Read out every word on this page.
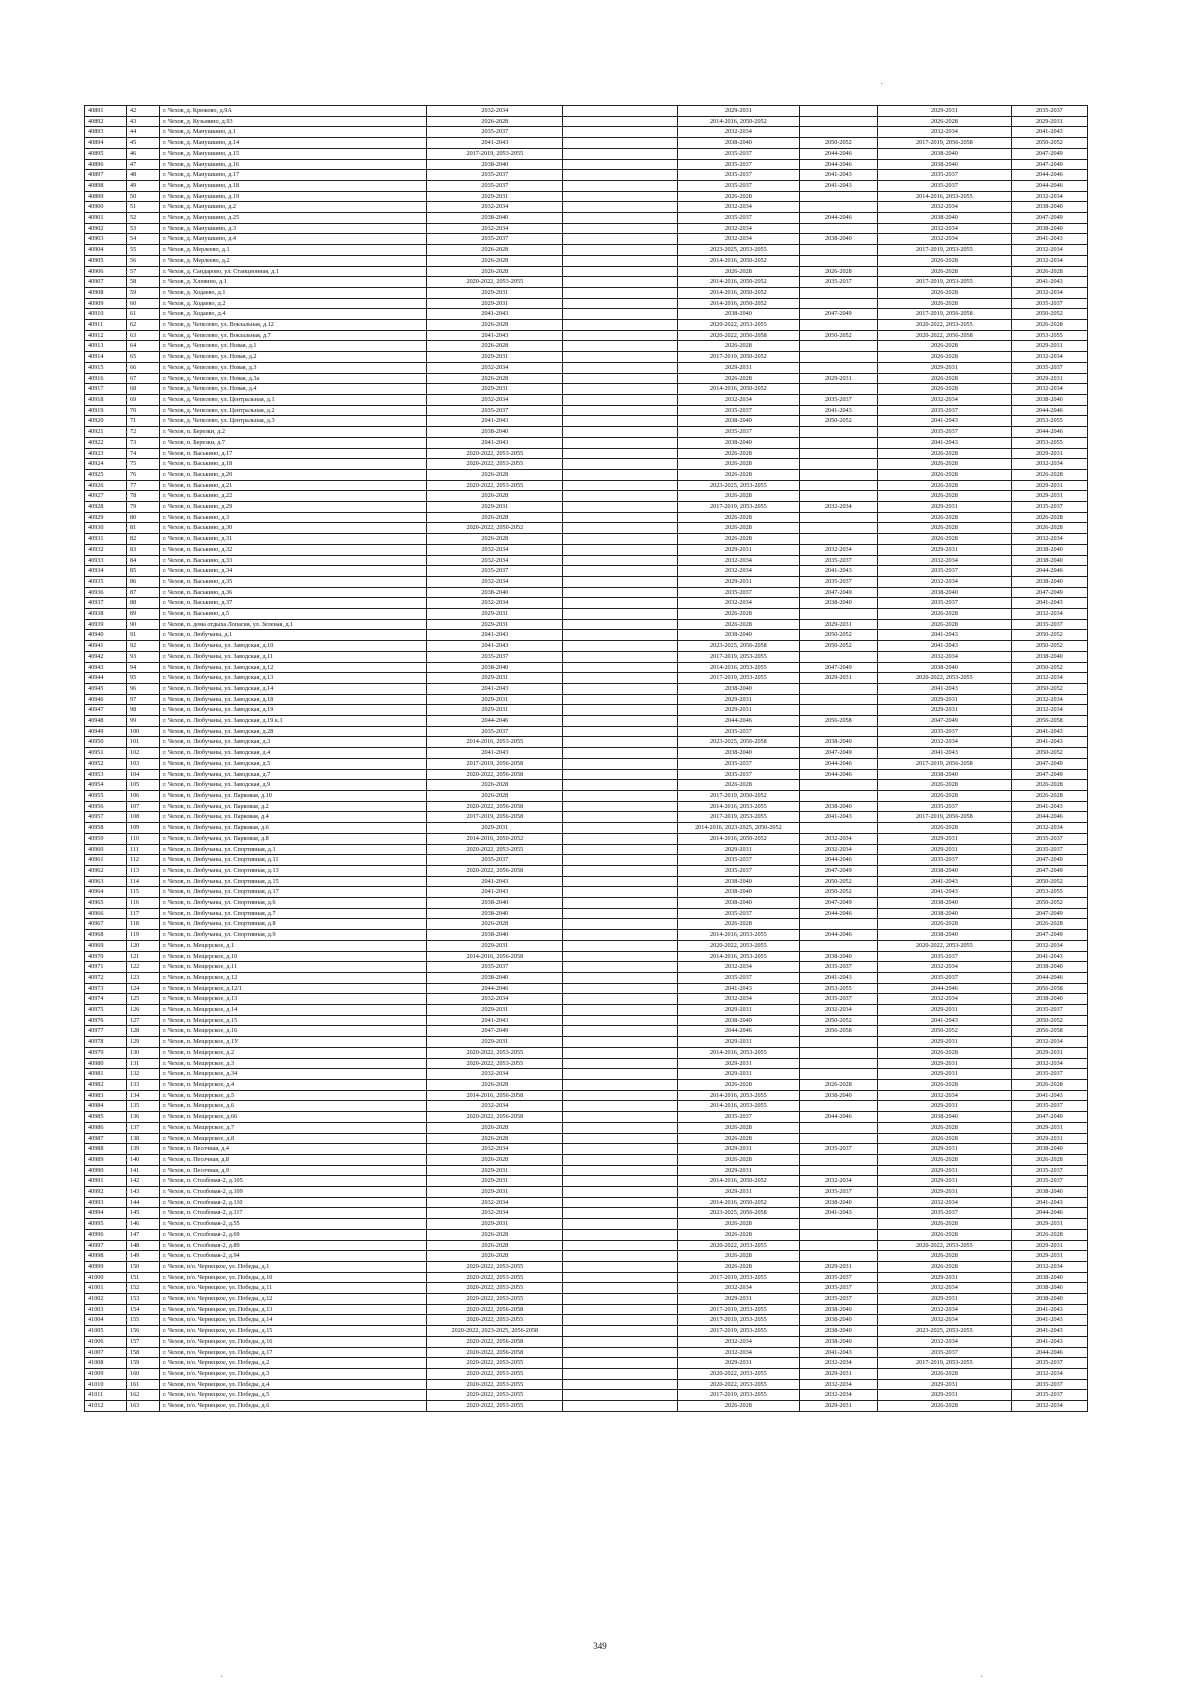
40891	42	г. Чехов, д. Крюково, д.9А	2032-2034		2029-2031		2029-2031	2035-2037
40892	43	г. Чехов, д. Кузьмино, д.93	2026-2028		2014-2016, 2050-2052		2026-2028	2029-2031
40893	44	г. Чехов, д. Манушкино, д.1	2035-2037		2032-2034		2032-2034	2041-2043
40894	45	г. Чехов, д. Манушкино, д.14	2041-2043		2038-2040	2050-2052	2017-2019, 2056-2058	2050-2052
40895	46	г. Чехов, д. Манушкино, д.15	2017-2019, 2053-2055		2035-2037	2044-2046	2038-2040	2047-2049
40896	47	г. Чехов, д. Манушкино, д.16	2038-2040		2035-2037	2044-2046	2038-2040	2047-2049
40897	48	г. Чехов, д. Манушкино, д.17	2035-2037		2035-2037	2041-2043	2035-2037	2044-2046
40898	49	г. Чехов, д. Манушкино, д.18	2035-2037		2035-2037	2041-2043	2035-2037	2044-2046
40899	50	г. Чехов, д. Манушкино, д.19	2029-2031		2026-2028		2014-2016, 2053-2055	2032-2034
40900	51	г. Чехов, д. Манушкино, д.2	2032-2034		2032-2034		2032-2034	2038-2040
40901	52	г. Чехов, д. Манушкино, д.25	2038-2040		2035-2037	2044-2046	2038-2040	2047-2049
40902	53	г. Чехов, д. Манушкино, д.3	2032-2034		2032-2034		2032-2034	2038-2040
40903	54	г. Чехов, д. Манушкино, д.4	2035-2037		2032-2034	2038-2040	2032-2034	2041-2043
40904	55	г. Чехов, д. Мерлеево, д.1	2026-2028		2023-2025, 2053-2055		2017-2019, 2053-2055	2032-2034
40905	56	г. Чехов, д. Мерлеево, д.2	2026-2028		2014-2016, 2050-2052		2026-2028	2032-2034
40906	57	г. Чехов, д. Сандарово, ул. Станционная, д.1	2026-2028		2026-2028	2026-2028	2026-2028	2026-2028
40907	58	г. Чехов, д. Хлевино, д.1	2020-2022, 2053-2055		2014-2016, 2050-2052	2035-2037	2017-2019, 2053-2055	2041-2043
40908	59	г. Чехов, д. Ходаево, д.1	2029-2031		2014-2016, 2050-2052		2026-2028	2032-2034
40909	60	г. Чехов, д. Ходаево, д.2	2029-2031		2014-2016, 2050-2052		2026-2028	2035-2037
40910	61	г. Чехов, д. Ходаево, д.4	2041-2043		2038-2040	2047-2049	2017-2019, 2056-2058	2050-2052
40911	62	г. Чехов, д. Чепелево, ул. Вокзальная, д.12	2026-2028		2020-2022, 2053-2055		2020-2022, 2053-2055	2026-2028
40912	63	г. Чехов, д. Чепелево, ул. Вокзальная, д.7	2041-2043		2020-2022, 2056-2058	2050-2052	2020-2022, 2056-2058	2053-2055
40913	64	г. Чехов, д. Чепелево, ул. Новая, д.1	2026-2028		2026-2028		2026-2028	2029-2031
40914	65	г. Чехов, д. Чепелево, ул. Новая, д.2	2029-2031		2017-2019, 2050-2052		2026-2028	2032-2034
40915	66	г. Чехов, д. Чепелево, ул. Новая, д.3	2032-2034		2029-2031		2029-2031	2035-2037
40916	67	г. Чехов, д. Чепелево, ул. Новая, д.3а	2026-2028		2026-2028	2029-2031	2026-2028	2029-2031
40917	68	г. Чехов, д. Чепелево, ул. Новая, д.4	2029-2031		2014-2016, 2050-2052		2026-2028	2032-2034
40918	69	г. Чехов, д. Чепелево, ул. Центральная, д.1	2032-2034		2032-2034	2035-2037	2032-2034	2038-2040
40919	70	г. Чехов, д. Чепелево, ул. Центральная, д.2	2035-2037		2035-2037	2041-2043	2035-2037	2044-2046
40920	71	г. Чехов, д. Чепелево, ул. Центральная, д.3	2041-2043		2038-2040	2050-2052	2041-2043	2053-2055
40921	72	г. Чехов, п. Березки, д.2	2038-2040		2035-2037		2035-2037	2044-2046
40922	73	г. Чехов, п. Березки, д.7	2041-2043		2038-2040		2041-2043	2053-2055
40923	74	г. Чехов, п. Васькино, д.17	2020-2022, 2053-2055		2026-2028		2026-2028	2029-2031
40924	75	г. Чехов, п. Васькино, д.18	2020-2022, 2053-2055		2026-2028		2026-2028	2032-2034
40925	76	г. Чехов, п. Васькино, д.20	2026-2028		2026-2028		2026-2028	2026-2028
40926	77	г. Чехов, п. Васькино, д.21	2020-2022, 2053-2055		2023-2025, 2053-2055		2026-2028	2029-2031
40927	78	г. Чехов, п. Васькино, д.22	2026-2028		2026-2028		2026-2028	2029-2031
40928	79	г. Чехов, п. Васькино, д.29	2029-2031		2017-2019, 2053-2055	2032-2034	2029-2031	2035-2037
40929	80	г. Чехов, п. Васькино, д.3	2026-2028		2026-2028		2026-2028	2026-2028
40930	81	г. Чехов, п. Васькино, д.30	2020-2022, 2050-2052		2026-2028		2026-2028	2026-2028
40931	82	г. Чехов, п. Васькино, д.31	2026-2028		2026-2028		2026-2028	2032-2034
40932	83	г. Чехов, п. Васькино, д.32	2032-2034		2029-2031	2032-2034	2029-2031	2038-2040
40933	84	г. Чехов, п. Васькино, д.33	2032-2034		2032-2034	2035-2037	2032-2034	2038-2040
40934	85	г. Чехов, п. Васькино, д.34	2035-2037		2032-2034	2041-2043	2035-2037	2044-2046
40935	86	г. Чехов, п. Васькино, д.35	2032-2034		2029-2031	2035-2037	2032-2034	2038-2040
40936	87	г. Чехов, п. Васькино, д.36	2038-2040		2035-2037	2047-2049	2038-2040	2047-2049
40937	88	г. Чехов, п. Васькино, д.37	2032-2034		2032-2034	2038-2040	2035-2037	2041-2043
40938	89	г. Чехов, п. Васькино, д.5	2029-2031		2026-2028		2026-2028	2032-2034
40939	90	г. Чехов, п. дома отдыха Лопасня, ул. Зеленая, д.1	2029-2031		2026-2028	2029-2031	2026-2028	2035-2037
40940	91	г. Чехов, п. Любучаны, д.1	2041-2043		2038-2040	2050-2052	2041-2043	2050-2052
40941	92	г. Чехов, п. Любучаны, ул. Заводская, д.10	2041-2043		2023-2025, 2056-2058	2050-2052	2041-2043	2050-2052
40942	93	г. Чехов, п. Любучаны, ул. Заводская, д.11	2035-2037		2017-2019, 2053-2055		2032-2034	2038-2040
40943	94	г. Чехов, п. Любучаны, ул. Заводская, д.12	2038-2040		2014-2016, 2053-2055	2047-2049	2038-2040	2050-2052
40944	95	г. Чехов, п. Любучаны, ул. Заводская, д.13	2029-2031		2017-2019, 2053-2055	2029-2031	2020-2022, 2053-2055	2032-2034
40945	96	г. Чехов, п. Любучаны, ул. Заводская, д.14	2041-2043		2038-2040		2041-2043	2050-2052
40946	97	г. Чехов, п. Любучаны, ул. Заводская, д.18	2029-2031		2029-2031		2029-2031	2032-2034
40947	98	г. Чехов, п. Любучаны, ул. Заводская, д.19	2029-2031		2029-2031		2029-2031	2032-2034
40948	99	г. Чехов, п. Любучаны, ул. Заводская, д.19 к.1	2044-2046		2044-2046	2056-2058	2047-2049	2056-2058
40949	100	г. Чехов, п. Любучаны, ул. Заводская, д.28	2035-2037		2035-2037		2035-2037	2041-2043
40950	101	г. Чехов, п. Любучаны, ул. Заводская, д.3	2014-2016, 2053-2055		2023-2025, 2056-2058	2038-2040	2032-2034	2041-2043
40951	102	г. Чехов, п. Любучаны, ул. Заводская, д.4	2041-2043		2038-2040	2047-2049	2041-2043	2050-2052
40952	103	г. Чехов, п. Любучаны, ул. Заводская, д.5	2017-2019, 2056-2058		2035-2037	2044-2046	2017-2019, 2056-2058	2047-2049
40953	104	г. Чехов, п. Любучаны, ул. Заводская, д.7	2020-2022, 2056-2058		2035-2037	2044-2046	2038-2040	2047-2049
40954	105	г. Чехов, п. Любучаны, ул. Заводская, д.9	2026-2028		2026-2028		2026-2028	2026-2028
40955	106	г. Чехов, п. Любучаны, ул. Парковая, д.10	2026-2028		2017-2019, 2050-2052		2026-2028	2026-2028
40956	107	г. Чехов, п. Любучаны, ул. Парковая, д.2	2020-2022, 2056-2058		2014-2016, 2053-2055	2038-2040	2035-2037	2041-2043
40957	108	г. Чехов, п. Любучаны, ул. Парковая, д.4	2017-2019, 2056-2058		2017-2019, 2053-2055	2041-2043	2017-2019, 2056-2058	2044-2046
40958	109	г. Чехов, п. Любучаны, ул. Парковая, д.6	2029-2031		2014-2016, 2023-2025, 2050-2052		2026-2028	2032-2034
40959	110	г. Чехов, п. Любучаны, ул. Парковая, д.8	2014-2016, 2050-2052		2014-2016, 2050-2052	2032-2034	2029-2031	2035-2037
40960	111	г. Чехов, п. Любучаны, ул. Спортивная, д.1	2020-2022, 2053-2055		2029-2031	2032-2034	2029-2031	2035-2037
40961	112	г. Чехов, п. Любучаны, ул. Спортивная, д.11	2035-2037		2035-2037	2044-2046	2035-2037	2047-2049
40962	113	г. Чехов, п. Любучаны, ул. Спортивная, д.13	2020-2022, 2056-2058		2035-2037	2047-2049	2038-2040	2047-2049
40963	114	г. Чехов, п. Любучаны, ул. Спортивная, д.15	2041-2043		2038-2040	2050-2052	2041-2043	2050-2052
40964	115	г. Чехов, п. Любучаны, ул. Спортивная, д.17	2041-2043		2038-2040	2050-2052	2041-2043	2053-2055
40965	116	г. Чехов, п. Любучаны, ул. Спортивная, д.6	2038-2040		2038-2040	2047-2049	2038-2040	2050-2052
40966	117	г. Чехов, п. Любучаны, ул. Спортивная, д.7	2038-2040		2035-2037	2044-2046	2038-2040	2047-2049
40967	118	г. Чехов, п. Любучаны, ул. Спортивная, д.8	2026-2028		2026-2028		2026-2028	2026-2028
40968	119	г. Чехов, п. Любучаны, ул. Спортивная, д.9	2038-2040		2014-2016, 2053-2055	2044-2046	2038-2040	2047-2049
40969	120	г. Чехов, п. Мещерское, д.1	2029-2031		2020-2022, 2053-2055		2020-2022, 2053-2055	2032-2034
40970	121	г. Чехов, п. Мещерское, д.10	2014-2016, 2056-2058		2014-2016, 2053-2055	2038-2040	2035-2037	2041-2043
40971	122	г. Чехов, п. Мещерское, д.11	2035-2037		2032-2034	2035-2037	2032-2034	2038-2040
40972	123	г. Чехов, п. Мещерское, д.12	2038-2040		2035-2037	2041-2043	2035-2037	2044-2046
40973	124	г. Чехов, п. Мещерское, д.12/1	2044-2046		2041-2043	2053-2055	2044-2046	2056-2058
40974	125	г. Чехов, п. Мещерское, д.13	2032-2034		2032-2034	2035-2037	2032-2034	2038-2040
40975	126	г. Чехов, п. Мещерское, д.14	2029-2031		2029-2031	2032-2034	2029-2031	2035-2037
40976	127	г. Чехов, п. Мещерское, д.15	2041-2043		2038-2040	2050-2052	2041-2043	2050-2052
40977	128	г. Чехов, п. Мещерское, д.16	2047-2049		2044-2046	2056-2058	2050-2052	2056-2058
40978	129	г. Чехов, п. Мещерское, д.1У	2029-2031		2029-2031		2029-2031	2032-2034
40979	130	г. Чехов, п. Мещерское, д.2	2020-2022, 2053-2055		2014-2016, 2053-2055		2026-2028	2029-2031
40980	131	г. Чехов, п. Мещерское, д.3	2020-2022, 2053-2055		2029-2031		2029-2031	2032-2034
40981	132	г. Чехов, п. Мещерское, д.34	2032-2034		2029-2031		2029-2031	2035-2037
40982	133	г. Чехов, п. Мещерское, д.4	2026-2028		2026-2028	2026-2028	2026-2028	2026-2028
40983	134	г. Чехов, п. Мещерское, д.5	2014-2016, 2056-2058		2014-2016, 2053-2055	2038-2040	2032-2034	2041-2043
40984	135	г. Чехов, п. Мещерское, д.6	2032-2034		2014-2016, 2053-2055		2029-2031	2035-2037
40985	136	г. Чехов, п. Мещерское, д.66	2020-2022, 2056-2058		2035-2037	2044-2046	2038-2040	2047-2049
40986	137	г. Чехов, п. Мещерское, д.7	2026-2028		2026-2028		2026-2028	2029-2031
40987	138	г. Чехов, п. Мещерское, д.8	2026-2028		2026-2028		2026-2028	2029-2031
40988	139	г. Чехов, п. Песочная, д.4	2032-2034		2029-2031	2035-2037	2029-2031	2038-2040
40989	140	г. Чехов, п. Песочная, д.8	2026-2028		2026-2028		2026-2028	2026-2028
40990	141	г. Чехов, п. Песочная, д.9	2029-2031		2029-2031		2029-2031	2035-2037
40991	142	г. Чехов, п. Столбовая-2, д.105	2029-2031		2014-2016, 2050-2052	2032-2034	2029-2031	2035-2037
40992	143	г. Чехов, п. Столбовая-2, д.109	2029-2031		2029-2031	2035-2037	2029-2031	2038-2040
40993	144	г. Чехов, п. Столбовая-2, д.110	2032-2034		2014-2016, 2050-2052	2038-2040	2032-2034	2041-2043
40994	145	г. Чехов, п. Столбовая-2, д.117	2032-2034		2023-2025, 2056-2058	2041-2043	2035-2037	2044-2046
40995	146	г. Чехов, п. Столбовая-2, д.55	2029-2031		2026-2028		2026-2028	2029-2031
40996	147	г. Чехов, п. Столбовая-2, д.69	2026-2028		2026-2028		2026-2028	2026-2028
40997	148	г. Чехов, п. Столбовая-2, д.89	2026-2028		2020-2022, 2053-2055		2020-2022, 2053-2055	2029-2031
40998	149	г. Чехов, п. Столбовая-2, д.94	2026-2028		2026-2028		2026-2028	2029-2031
40999	150	г. Чехов, п/о. Чернецкое, ул. Победы, д.1	2020-2022, 2053-2055		2026-2028	2029-2031	2026-2028	2032-2034
41000	151	г. Чехов, п/о. Чернецкое, ул. Победы, д.10	2020-2022, 2053-2055		2017-2019, 2053-2055	2035-2037	2029-2031	2038-2040
41001	152	г. Чехов, п/о. Чернецкое, ул. Победы, д.11	2020-2022, 2053-2055		2032-2034	2035-2037	2032-2034	2038-2040
41002	153	г. Чехов, п/о. Чернецкое, ул. Победы, д.12	2020-2022, 2053-2055		2029-2031	2035-2037	2029-2031	2038-2040
41003	154	г. Чехов, п/о. Чернецкое, ул. Победы, д.13	2020-2022, 2056-2058		2017-2019, 2053-2055	2038-2040	2032-2034	2041-2043
41004	155	г. Чехов, п/о. Чернецкое, ул. Победы, д.14	2020-2022, 2053-2055		2017-2019, 2053-2055	2038-2040	2032-2034	2041-2043
41005	156	г. Чехов, п/о. Чернецкое, ул. Победы, д.15	2020-2022, 2023-2025, 2056-2058		2017-2019, 2053-2055	2038-2040	2023-2025, 2053-2055	2041-2043
41006	157	г. Чехов, п/о. Чернецкое, ул. Победы, д.16	2020-2022, 2056-2058		2032-2034	2038-2040	2032-2034	2041-2043
41007	158	г. Чехов, п/о. Чернецкое, ул. Победы, д.17	2020-2022, 2056-2058		2032-2034	2041-2043	2035-2037	2044-2046
41008	159	г. Чехов, п/о. Чернецкое, ул. Победы, д.2	2020-2022, 2053-2055		2029-2031	2032-2034	2017-2019, 2053-2055	2035-2037
41009	160	г. Чехов, п/о. Чернецкое, ул. Победы, д.3	2020-2022, 2053-2055		2020-2022, 2053-2055	2029-2031	2026-2028	2032-2034
41010	161	г. Чехов, п/о. Чернецкое, ул. Победы, д.4	2020-2022, 2053-2055		2020-2022, 2053-2055	2032-2034	2029-2031	2035-2037
41011	162	г. Чехов, п/о. Чернецкое, ул. Победы, д.5	2020-2022, 2053-2055		2017-2019, 2053-2055	2032-2034	2029-2031	2035-2037
41012	163	г. Чехов, п/о. Чернецкое, ул. Победы, д.6	2020-2022, 2053-2055		2026-2028	2029-2031	2026-2028	2032-2034
349
·
·	·
